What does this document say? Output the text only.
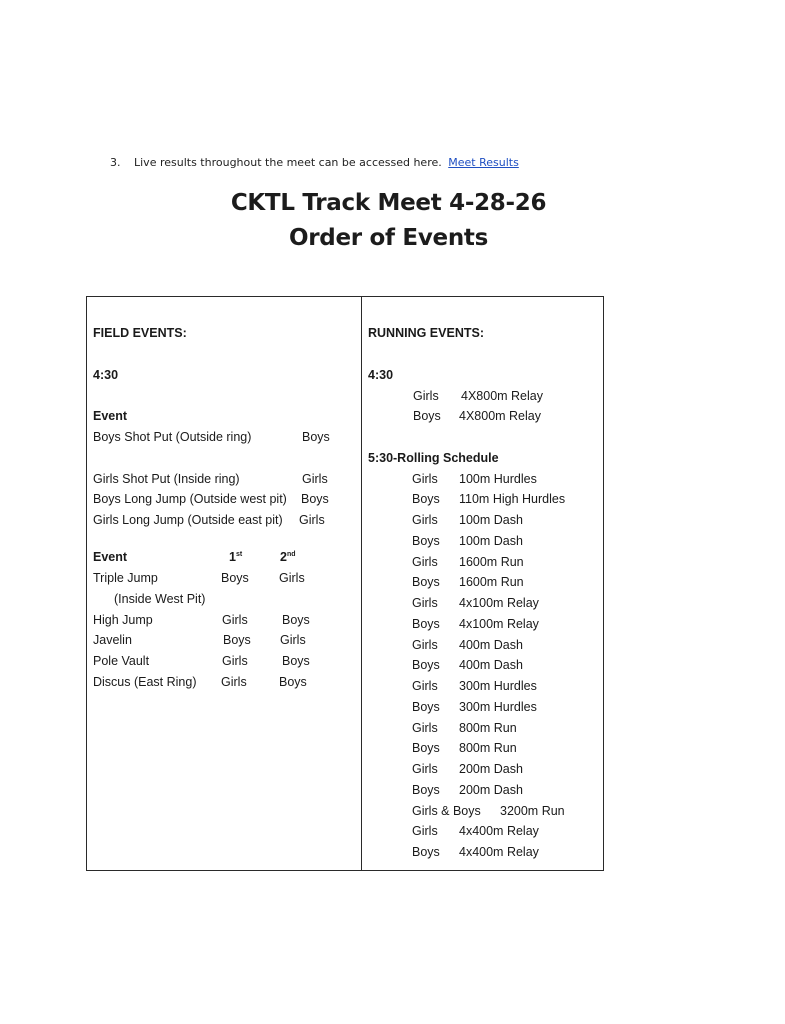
3. Live results throughout the meet can be accessed here. Meet Results
CKTL Track Meet 4-28-26
Order of Events
FIELD EVENTS:
4:30
Event
Boys Shot Put (Outside ring)	Boys
Girls Shot Put (Inside ring)	Girls
Boys Long Jump (Outside west pit) Boys
Girls Long Jump (Outside east pit) Girls
Event	1st	2nd
Triple Jump	Boys Girls
(Inside West Pit)
High Jump	Girls	Boys
Javelin	Boys Girls
Pole Vault	Girls	Boys
Discus (East Ring) Girls	Boys
RUNNING EVENTS:
4:30
Girls 4X800m Relay
Boys 4X800m Relay
5:30-Rolling Schedule
Girls 100m Hurdles
Boys 110m High Hurdles
Girls 100m Dash
Boys 100m Dash
Girls 1600m Run
Boys 1600m Run
Girls 4x100m Relay
Boys 4x100m Relay
Girls 400m Dash
Boys 400m Dash
Girls 300m Hurdles
Boys 300m Hurdles
Girls 800m Run
Boys 800m Run
Girls 200m Dash
Boys 200m Dash
Girls & Boys 3200m Run
Girls 4x400m Relay
Boys 4x400m Relay
